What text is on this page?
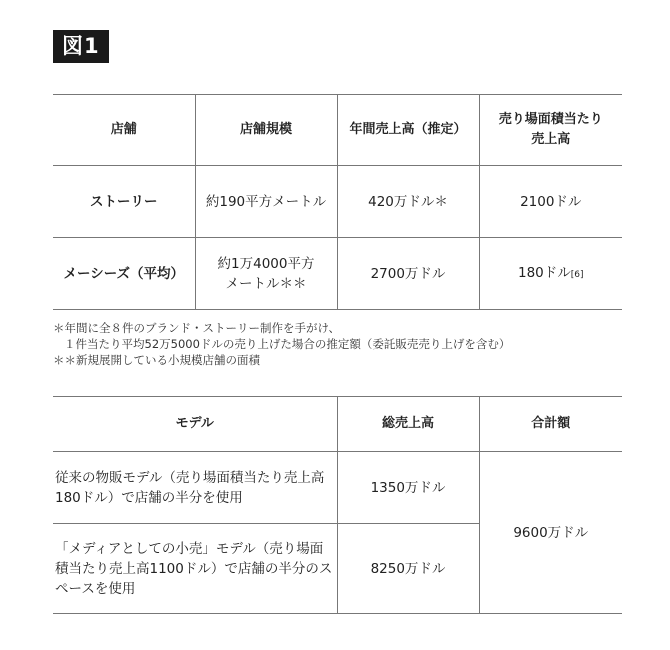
図1
店舗	店舗規模	年間売上高（推定）	売り場面積当たり売上高
ストーリー	約190平方メートル	420万ドル＊	2100ドル
メーシーズ（平均）	約1万4000平方メートル＊＊	2700万ドル	180ドル[6]
＊年間に全８件のブランド・ストーリー制作を手がけ、
１件当たり平均52万5000ドルの売り上げた場合の推定額（委託販売売り上げを含む）
＊＊新規展開している小規模店舗の面積
モデル	総売上高	合計額
従来の物販モデル（売り場面積当たり売上高180ドル）で店舗の半分を使用	1350万ドル	9600万ドル
「メディアとしての小売」モデル（売り場面積当たり売上高1100ドル）で店舗の半分のスペースを使用	8250万ドル	
